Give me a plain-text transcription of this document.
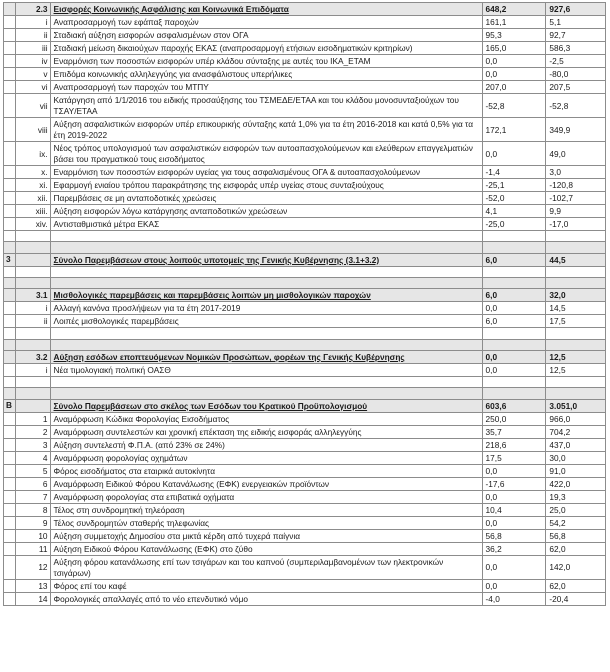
	2.3	Εισφορές Κοινωνικής Ασφάλισης και Κοινωνικά Επιδόματα	648,2	927,6
	i	Αναπροσαρμογή των εφάπαξ παροχών	161,1	5,1
	ii	Σταδιακή αύξηση εισφορών ασφαλισμένων στον ΟΓΑ	95,3	92,7
	iii	Σταδιακή μείωση δικαιούχων παροχής ΕΚΑΣ (αναπροσαρμογή ετήσιων εισοδηματικών κριτηρίων)	165,0	586,3
	iv	Εναρμόνιση των ποσοστών εισφορών υπέρ κλάδου σύνταξης με αυτές του ΙΚΑ_ΕΤΑΜ	0,0	-2,5
	v	Επιδόμα κοινωνικής αλληλεγγύης για ανασφάλιστους υπερήλικες	0,0	-80,0
	vi	Αναπροσαρμογή των παροχών του ΜΤΠΥ	207,0	207,5
	vii	Κατάργηση από 1/1/2016 του ειδικής προσαύξησης του ΤΣΜΕΔΕ/ΕΤΑΑ και του κλάδου μονοσυνταξιούχων του ΤΣΑΥ/ΕΤΑΑ	-52,8	-52,8
	viii	Αύξηση ασφαλιστικών εισφορών υπέρ επικουρικής σύνταξης κατά 1,0% για τα έτη 2016-2018 και κατά 0,5% για τα έτη 2019-2022	172,1	349,9
	ix.	Νέος τρόπος υπολογισμού των ασφαλιστικών εισφορών των αυτοαπασχολούμενων και ελεύθερων επαγγελματιών βάσει του πραγματικού τους εισοδήματος	0,0	49,0
	x.	Εναρμόνιση των ποσοστών εισφορών υγείας για τους ασφαλισμένους ΟΓΑ & αυτοαπασχολούμενων	-1,4	3,0
	xi.	Εφαρμογή ενιαίου τρόπου παρακράτησης της εισφοράς υπέρ υγείας στους συνταξιούχους	-25,1	-120,8
	xii.	Παρεμβάσεις σε μη ανταποδοτικές χρεώσεις	-52,0	-102,7
	xiii.	Αύξηση εισφορών λόγω κατάργησης ανταποδοτικών χρεώσεων	4,1	9,9
	xiv.	Αντισταθμιστικά μέτρα ΕΚΑΣ	-25,0	-17,0

3		Σύνολο Παρεμβάσεων στους λοιπούς υποτομείς της Γενικής Κυβέρνησης (3.1+3.2)	6,0	44,5

	3.1	Μισθολογικές παρεμβάσεις και παρεμβάσεις λοιπών μη μισθολογικών παροχών	6,0	32,0
	i	Αλλαγή κανόνα προσλήψεων για τα έτη 2017-2019	0,0	14,5
	ii	Λοιπές μισθολογικές παρεμβάσεις	6,0	17,5

	3.2	Αύξηση εσόδων εποπτευόμενων Νομικών Προσώπων, φορέων της Γενικής Κυβέρνησης	0,0	12,5
	i	Νέα τιμολογιακή πολιτική ΟΑΣΘ	0,0	12,5

B		Σύνολο Παρεμβάσεων στο σκέλος των Εσόδων του Κρατικού Προϋπολογισμού	603,6	3.051,0
	1	Αναμόρφωση Κώδικα Φορολογίας Εισοδήματος	250,0	966,0
	2	Αναμόρφωση συντελεστών και χρονική επέκταση της ειδικής εισφοράς αλληλεγγύης	35,7	704,2
	3	Αύξηση συντελεστή Φ.Π.Α. (από 23% σε 24%)	218,6	437,0
	4	Αναμόρφωση φορολογίας οχημάτων	17,5	30,0
	5	Φόρος εισοδήματος στα εταιρικά αυτοκίνητα	0,0	91,0
	6	Αναμόρφωση Ειδικού Φόρου Κατανάλωσης (ΕΦΚ) ενεργειακών προϊόντων	-17,6	422,0
	7	Αναμόρφωση φορολογίας στα επιβατικά οχήματα	0,0	19,3
	8	Τέλος στη συνδρομητική τηλεόραση	10,4	25,0
	9	Τέλος συνδρομητών σταθερής τηλεφωνίας	0,0	54,2
	10	Αύξηση συμμετοχής Δημοσίου στα μικτά κέρδη από τυχερά παίγνια	56,8	56,8
	11	Αύξηση Ειδικού Φόρου Κατανάλωσης (ΕΦΚ) στο ζύθο	36,2	62,0
	12	Αύξηση φόρου κατανάλωσης επί των τσιγάρων και του καπνού (συμπεριλαμβανομένων των ηλεκτρονικών τσιγάρων)	0,0	142,0
	13	Φόρος επί του καφέ	0,0	62,0
	14	Φορολογικές απαλλαγές από το νέο επενδυτικό νόμο	-4,0	-20,4
